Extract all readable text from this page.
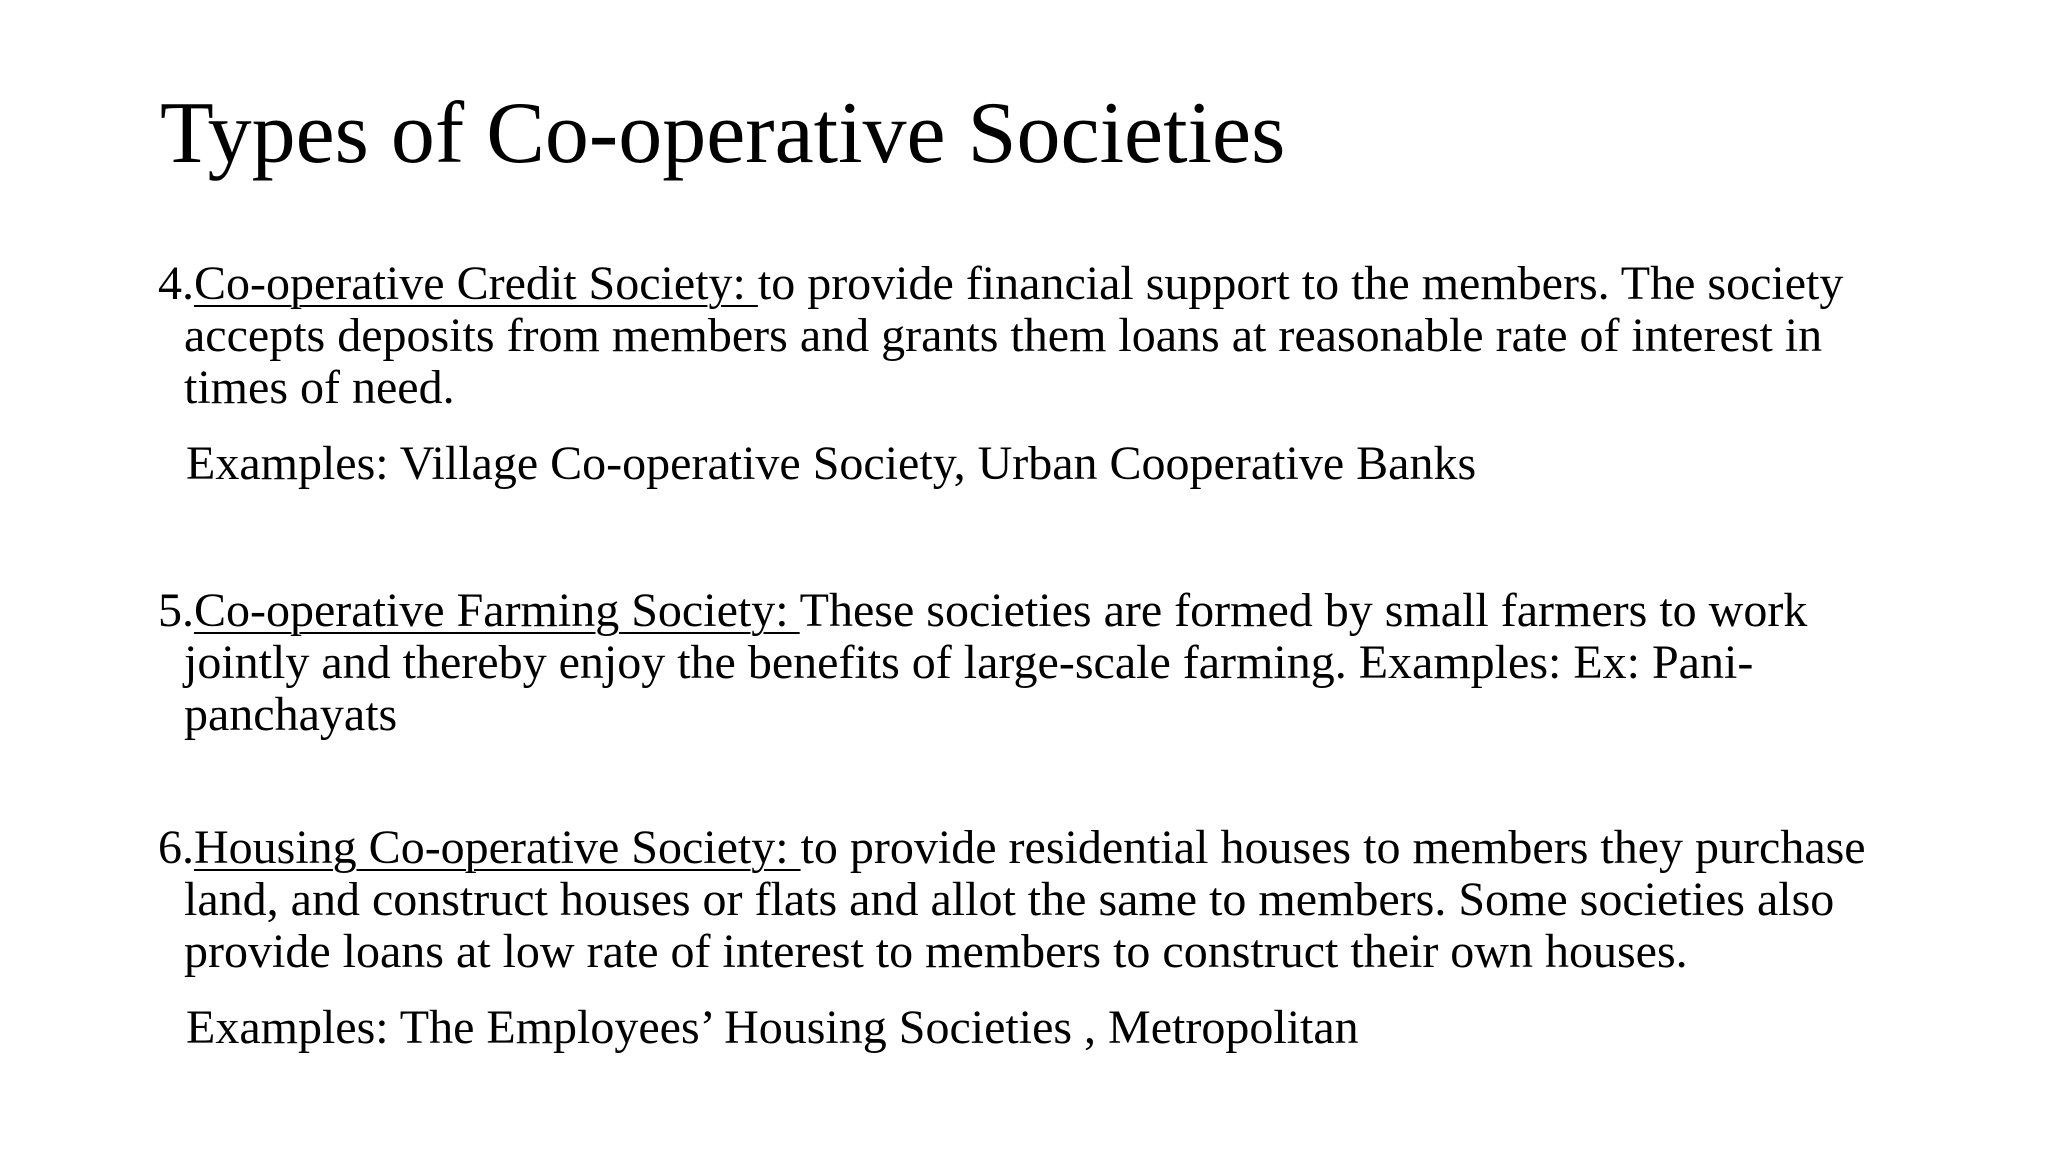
Types of Co-operative Societies

4.Co-operative Credit Society: to provide financial support to the members. The society accepts deposits from members and grants them loans at reasonable rate of interest in times of need.

Examples: Village Co-operative Society, Urban Cooperative Banks

5.Co-operative Farming Society: These societies are formed by small farmers to work jointly and thereby enjoy the benefits of large-scale farming. Examples: Ex: Pani-panchayats

6.Housing Co-operative Society: to provide residential houses to members they purchase land, and construct houses or flats and allot the same to members. Some societies also provide loans at low rate of interest to members to construct their own houses.

Examples: The Employees’ Housing Societies , Metropolitan
